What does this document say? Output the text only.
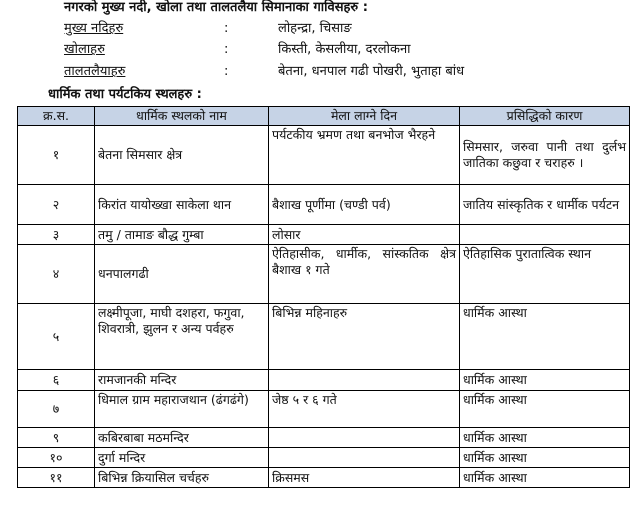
नगरको मुख्य नदी, खोला तथा तालतलैया सिमानाका गाविसहरु :
मुख्य नदिहरु	:	लोहन्द्रा, चिसाङ
खोलाहरु	:	किस्ती, केसलीया, दरलोकना
तालतलैयाहरु	:	बेतना, धनपाल गढी पोखरी, भुताहा बांध
धार्मिक तथा पर्यटकिय स्थलहरु :
क्र.स.	धार्मिक स्थलको नाम	मेला लाग्ने दिन	प्रसिद्धिको कारण
१	बेतना सिमसार क्षेत्र	पर्यटकीय भ्रमण तथा बनभोज भैरहने	सिमसार, जरुवा पानी तथा दुर्लभ जातिका कछुवा र चराहरु ।
२	किरांत यायोख्खा साकेला थान	बैशाख पूर्णीमा (चण्डी पर्व)	जातिय सांस्कृतिक र धार्मीक पर्यटन
३	तमु / तामाङ बौद्ध गुम्बा	लोसार	
४	धनपालगढी	ऐतिहासीक, धार्मीक, सांस्कतिक क्षेत्र बैशाख १ गते	ऐतिहासिक पुरातात्विक स्थान
५	लक्ष्मीपूजा, माघी दशहरा, फगुवा, शिवरात्री, झुलन र अन्य पर्वहरु	बिभिन्न महिनाहरु	धार्मिक आस्था
६	रामजानकी मन्दिर		धार्मिक आस्था
७	धिमाल ग्राम महाराजथान (ढंगढंगे)	जेष्ठ ५ र ६ गते	धार्मिक आस्था
९	कबिरबाबा मठमन्दिर		धार्मिक आस्था
१०	दुर्गा मन्दिर		धार्मिक आस्था
११	बिभिन्न क्रियासिल चर्चहरु	क्रिसमस	धार्मिक आस्था
